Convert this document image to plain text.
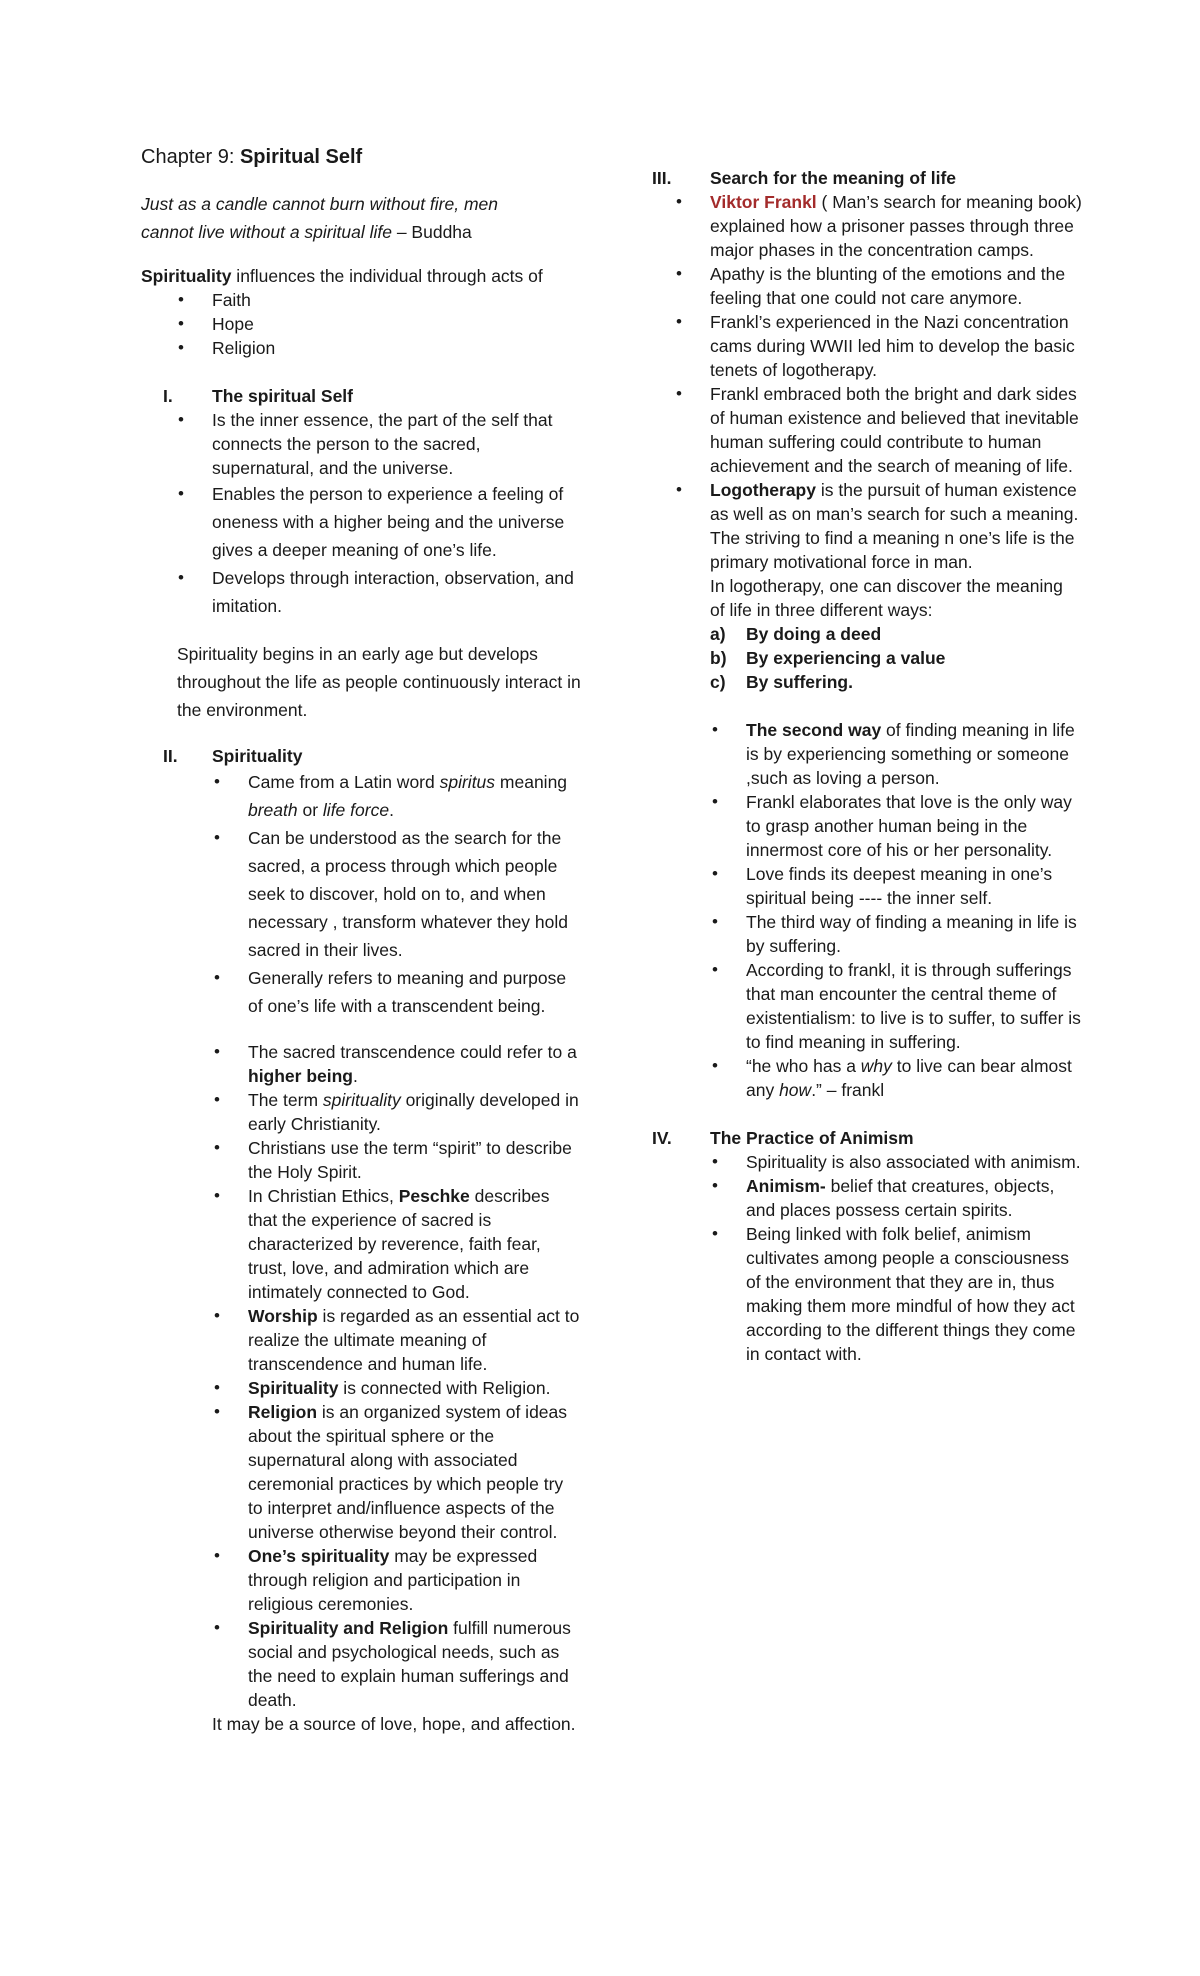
Chapter 9: Spiritual Self
Just as a candle cannot burn without fire, men
cannot live without a spiritual life – Buddha
Spirituality influences the individual through acts of
• Faith
• Hope
• Religion
I. The spiritual Self
• Is the inner essence, the part of the self that connects the person to the sacred, supernatural, and the universe.
• Enables the person to experience a feeling of oneness with a higher being and the universe gives a deeper meaning of one’s life.
• Develops through interaction, observation, and imitation.
Spirituality begins in an early age but develops throughout the life as people continuously interact in the environment.
II. Spirituality
• Came from a Latin word spiritus meaning breath or life force.
• Can be understood as the search for the sacred, a process through which people seek to discover, hold on to, and when necessary , transform whatever they hold sacred in their lives.
• Generally refers to meaning and purpose of one’s life with a transcendent being.
• The sacred transcendence could refer to a higher being.
• The term spirituality originally developed in early Christianity.
• Christians use the term “spirit” to describe the Holy Spirit.
• In Christian Ethics, Peschke describes that the experience of sacred is characterized by reverence, faith fear, trust, love, and admiration which are intimately connected to God.
• Worship is regarded as an essential act to realize the ultimate meaning of transcendence and human life.
• Spirituality is connected with Religion.
• Religion is an organized system of ideas about the spiritual sphere or the supernatural along with associated ceremonial practices by which people try to interpret and/influence aspects of the universe otherwise beyond their control.
• One’s spirituality may be expressed through religion and participation in religious ceremonies.
• Spirituality and Religion fulfill numerous social and psychological needs, such as the need to explain human sufferings and death.
It may be a source of love, hope, and affection.
III. Search for the meaning of life
• Viktor Frankl ( Man’s search for meaning book) explained how a prisoner passes through three major phases in the concentration camps.
• Apathy is the blunting of the emotions and the feeling that one could not care anymore.
• Frankl’s experienced in the Nazi concentration cams during WWII led him to develop the basic tenets of logotherapy.
• Frankl embraced both the bright and dark sides of human existence and believed that inevitable human suffering could contribute to human achievement and the search of meaning of life.
• Logotherapy is the pursuit of human existence as well as on man’s search for such a meaning.
The striving to find a meaning n one’s life is the primary motivational force in man.
In logotherapy, one can discover the meaning of life in three different ways:
a) By doing a deed
b) By experiencing a value
c) By suffering.
• The second way of finding meaning in life is by experiencing something or someone ,such as loving a person.
• Frankl elaborates that love is the only way to grasp another human being in the innermost core of his or her personality.
• Love finds its deepest meaning in one’s spiritual being ---- the inner self.
• The third way of finding a meaning in life is by suffering.
• According to frankl, it is through sufferings that man encounter the central theme of existentialism: to live is to suffer, to suffer is to find meaning in suffering.
• “he who has a why to live can bear almost any how.” – frankl
IV. The Practice of Animism
• Spirituality is also associated with animism.
• Animism- belief that creatures, objects, and places possess certain spirits.
• Being linked with folk belief, animism cultivates among people a consciousness of the environment that they are in, thus making them more mindful of how they act according to the different things they come in contact with.
